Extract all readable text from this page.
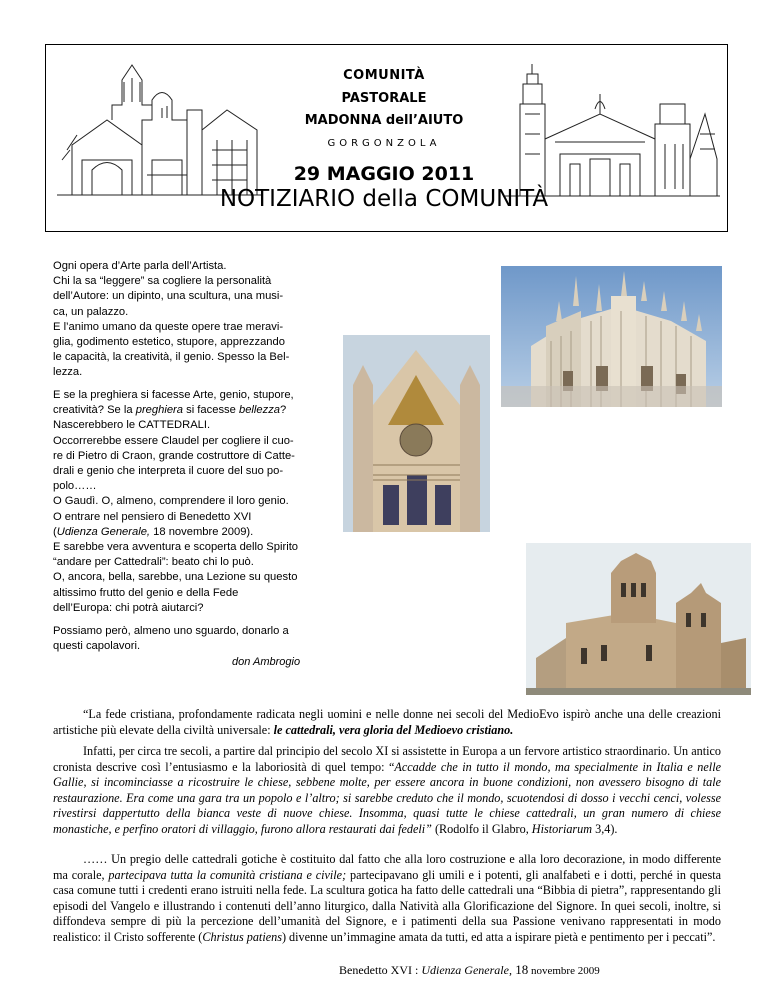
COMUNITÀ
PASTORALE
MADONNA dell’AIUTO
GORGONZOLA
29 MAGGIO 2011
NOTIZIARIO della COMUNITÀ

Ogni opera d’Arte parla dell’Artista.

Chi la sa “leggere” sa cogliere la personalità

dell’Autore: un dipinto, una scultura, una musi-

ca, un palazzo.

E l’animo umano da queste opere trae meravi-

glia, godimento estetico, stupore, apprezzando

le capacità, la creatività, il genio. Spesso la Bel-

lezza.

E se la preghiera si facesse Arte, genio, stupore,

creatività? Se la preghiera si facesse bellezza?

Nascerebbero le CATTEDRALI.

Occorrerebbe essere Claudel per cogliere il cuo-

re di Pietro di Craon, grande costruttore di Catte-

drali e genio che interpreta il cuore del suo po-

polo……

O Gaudì. O, almeno, comprendere il loro genio.

O entrare nel pensiero di Benedetto XVI

(Udienza Generale, 18 novembre 2009).

E sarebbe vera avventura e scoperta dello Spirito

“andare per Cattedrali”: beato chi lo può.

O, ancora, bella, sarebbe, una Lezione su questo

altissimo frutto del genio e della Fede

dell’Europa: chi potrà aiutarci?

Possiamo però, almeno uno sguardo, donarlo a

questi capolavori.

don Ambrogio

“La fede cristiana, profondamente radicata negli uomini e nelle donne nei secoli del MedioEvo ispirò anche una delle creazioni artistiche più elevate della civiltà universale: le cattedrali, vera gloria del Medioevo cristiano.

Infatti, per circa tre secoli, a partire dal principio del secolo XI si assistette in Europa a un fervore artistico straordinario. Un antico cronista descrive così l’entusiasmo e la laboriosità di quel tempo: “Accadde che in tutto il mondo, ma specialmente in Italia e nelle Gallie, si incominciasse a ricostruire le chiese, sebbene molte, per essere ancora in buone condizioni, non avessero bisogno di tale restaurazione. Era come una gara tra un popolo e l’altro; si sarebbe creduto che il mondo, scuotendosi di dosso i vecchi cenci, volesse rivestirsi dappertutto della bianca veste di nuove chiese. Insomma, quasi tutte le chiese cattedrali, un gran numero di chiese monastiche, e perfino oratori di villaggio, furono allora restaurati dai fedeli” (Rodolfo il Glabro, Historiarum 3,4).

…… Un pregio delle cattedrali gotiche è costituito dal fatto che alla loro costruzione e alla loro decorazione, in modo differente ma corale, partecipava tutta la comunità cristiana e civile; partecipavano gli umili e i potenti, gli analfabeti e i dotti, perché in questa casa comune tutti i credenti erano istruiti nella fede. La scultura gotica ha fatto delle cattedrali una “Bibbia di pietra”, rappresentando gli episodi del Vangelo e illustrando i contenuti dell’anno liturgico, dalla Natività alla Glorificazione del Signore. In quei secoli, inoltre, si diffondeva sempre di più la percezione dell’umanità del Signore, e i patimenti della sua Passione venivano rappresentati in modo realistico: il Cristo sofferente (Christus patiens) divenne un’immagine amata da tutti, ed atta a ispirare pietà e pentimento per i peccati”.

Benedetto XVI : Udienza Generale, 18 novembre 2009
